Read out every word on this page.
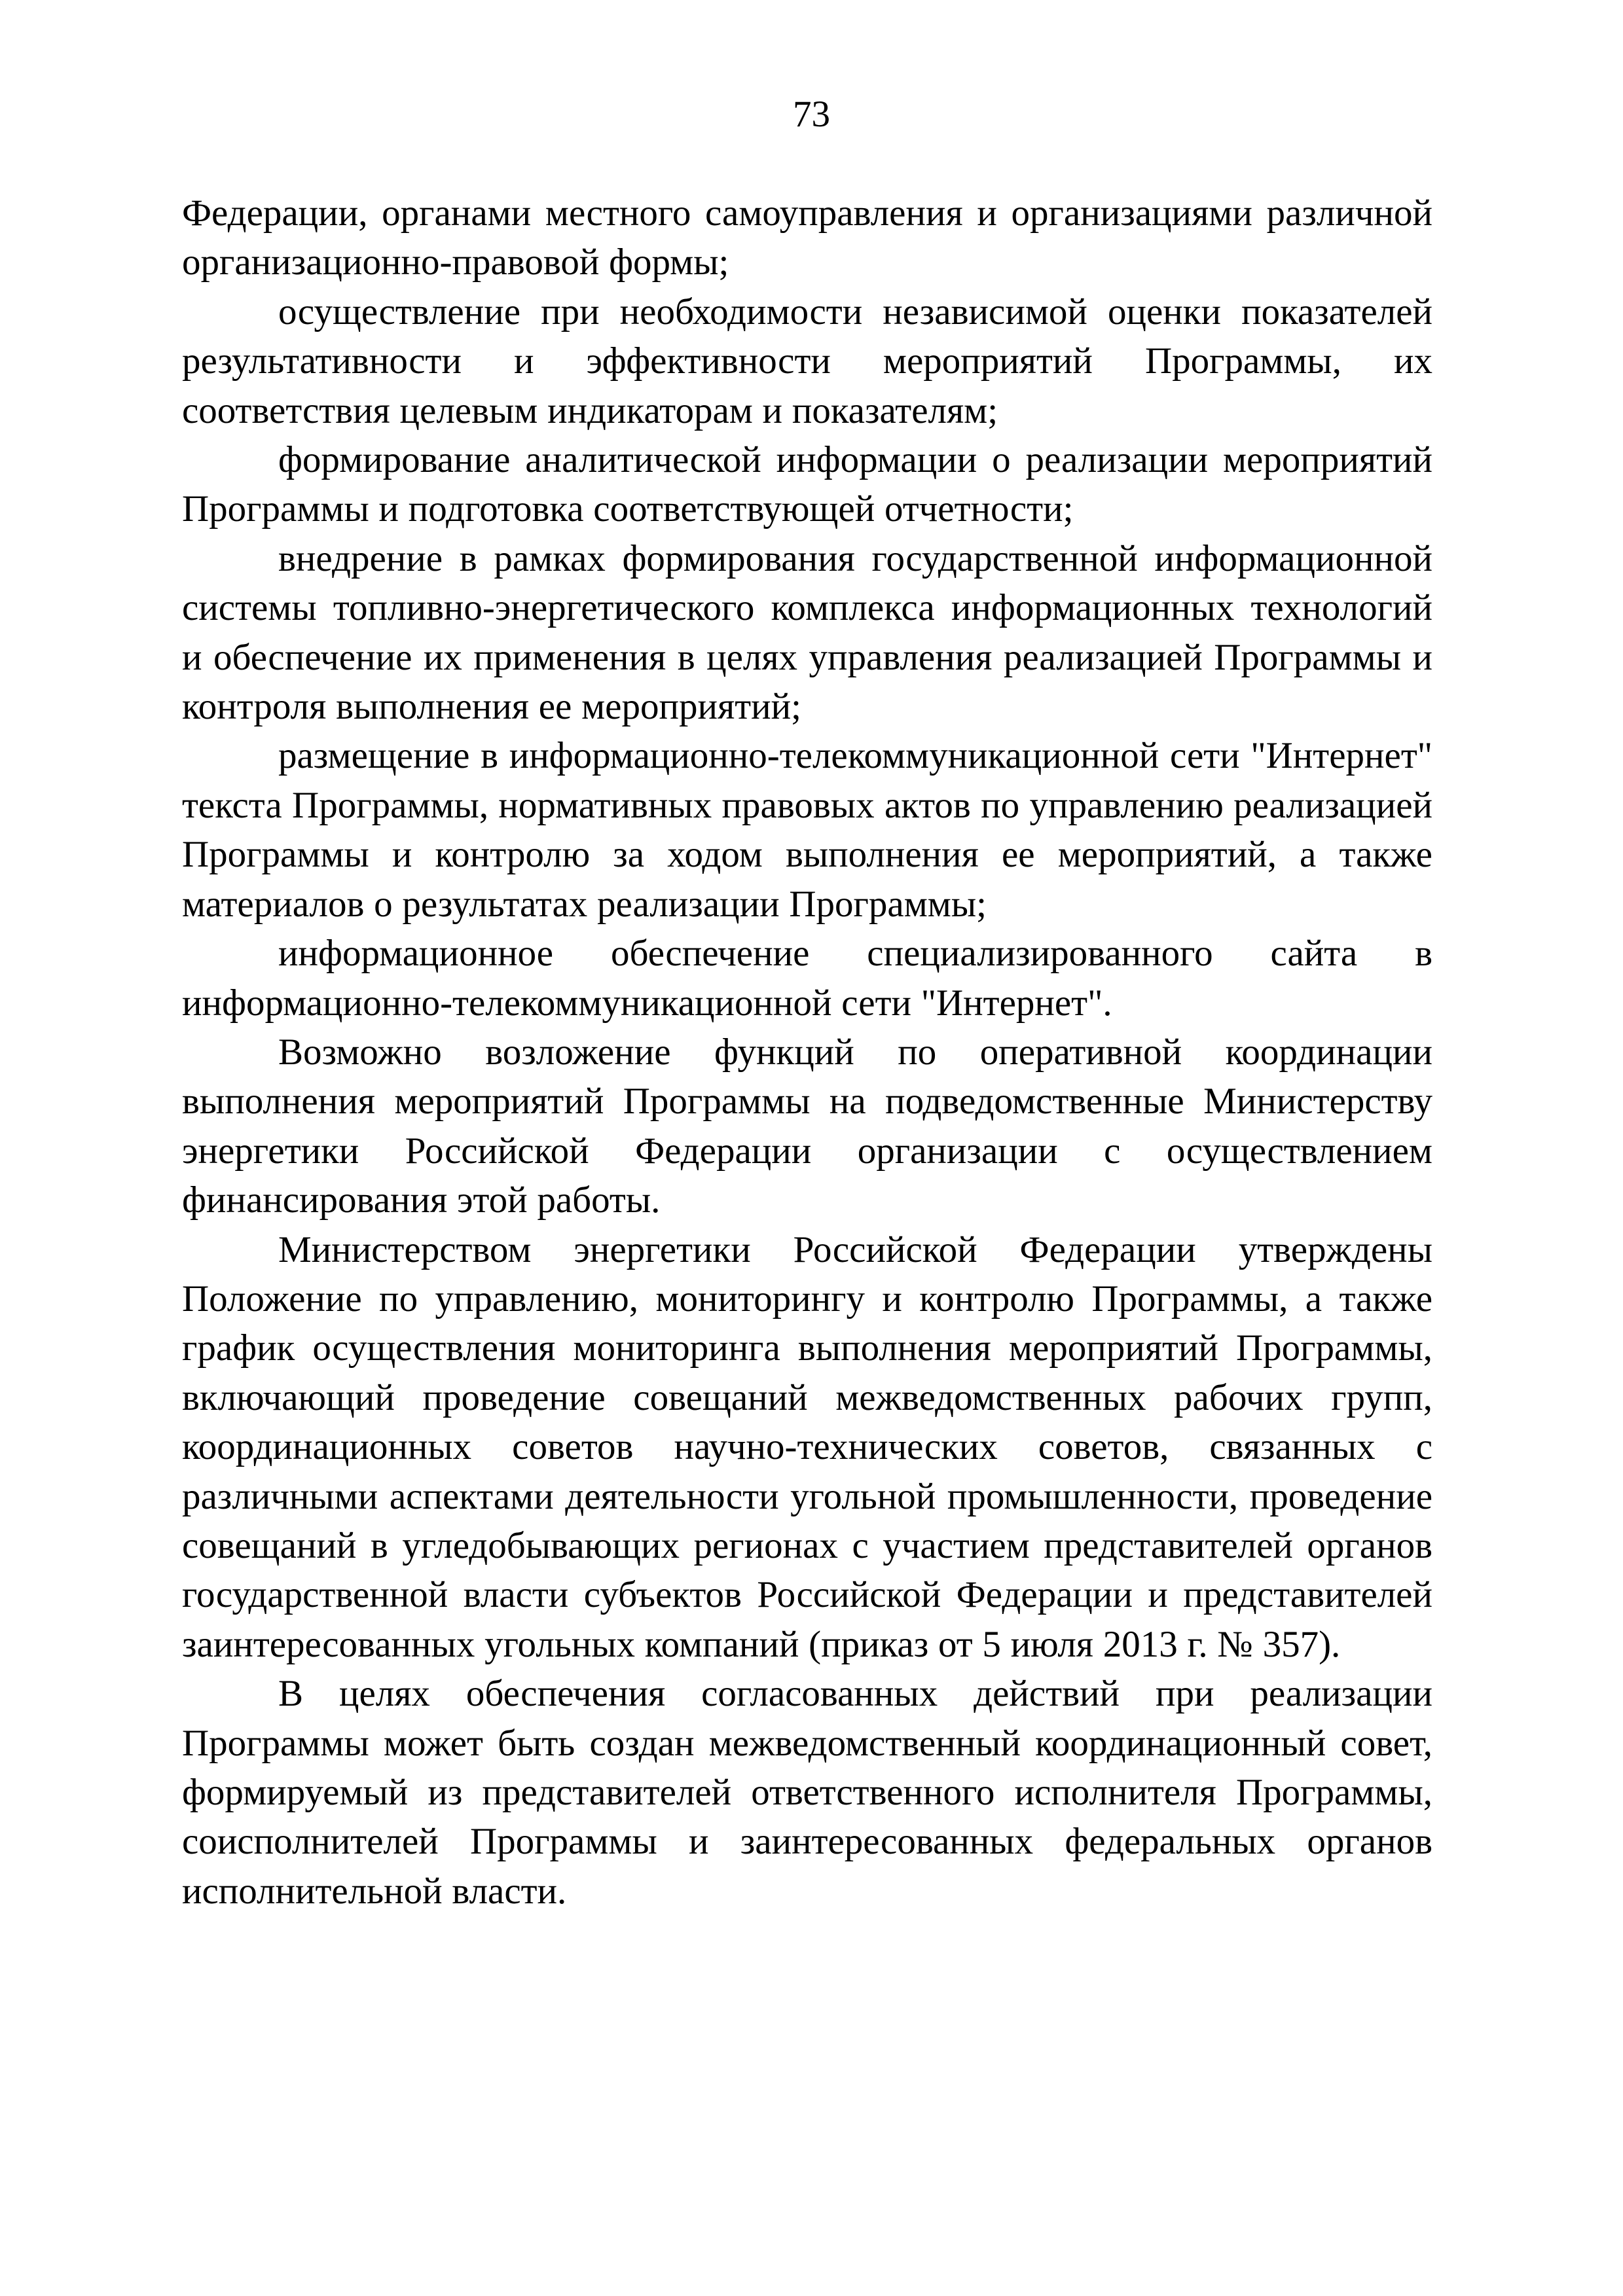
73

Федерации, органами местного самоуправления и организациями различной организационно-правовой формы;

осуществление при необходимости независимой оценки показателей результативности и эффективности мероприятий Программы, их соответствия целевым индикаторам и показателям;

формирование аналитической информации о реализации мероприятий Программы и подготовка соответствующей отчетности;

внедрение в рамках формирования государственной информационной системы топливно-энергетического комплекса информационных технологий и обеспечение их применения в целях управления реализацией Программы и контроля выполнения ее мероприятий;

размещение в информационно-телекоммуникационной сети "Интернет" текста Программы, нормативных правовых актов по управлению реализацией Программы и контролю за ходом выполнения ее мероприятий, а также материалов о результатах реализации Программы;

информационное обеспечение специализированного сайта в информационно-телекоммуникационной сети "Интернет".

Возможно возложение функций по оперативной координации выполнения мероприятий Программы на подведомственные Министерству энергетики Российской Федерации организации с осуществлением финансирования этой работы.

Министерством энергетики Российской Федерации утверждены Положение по управлению, мониторингу и контролю Программы, а также график осуществления мониторинга выполнения мероприятий Программы, включающий проведение совещаний межведомственных рабочих групп, координационных советов научно-технических советов, связанных с различными аспектами деятельности угольной промышленности, проведение совещаний в угледобывающих регионах с участием представителей органов государственной власти субъектов Российской Федерации и представителей заинтересованных угольных компаний (приказ от 5 июля 2013 г. № 357).

В целях обеспечения согласованных действий при реализации Программы может быть создан межведомственный координационный совет, формируемый из представителей ответственного исполнителя Программы, соисполнителей Программы и заинтересованных федеральных органов исполнительной власти.
